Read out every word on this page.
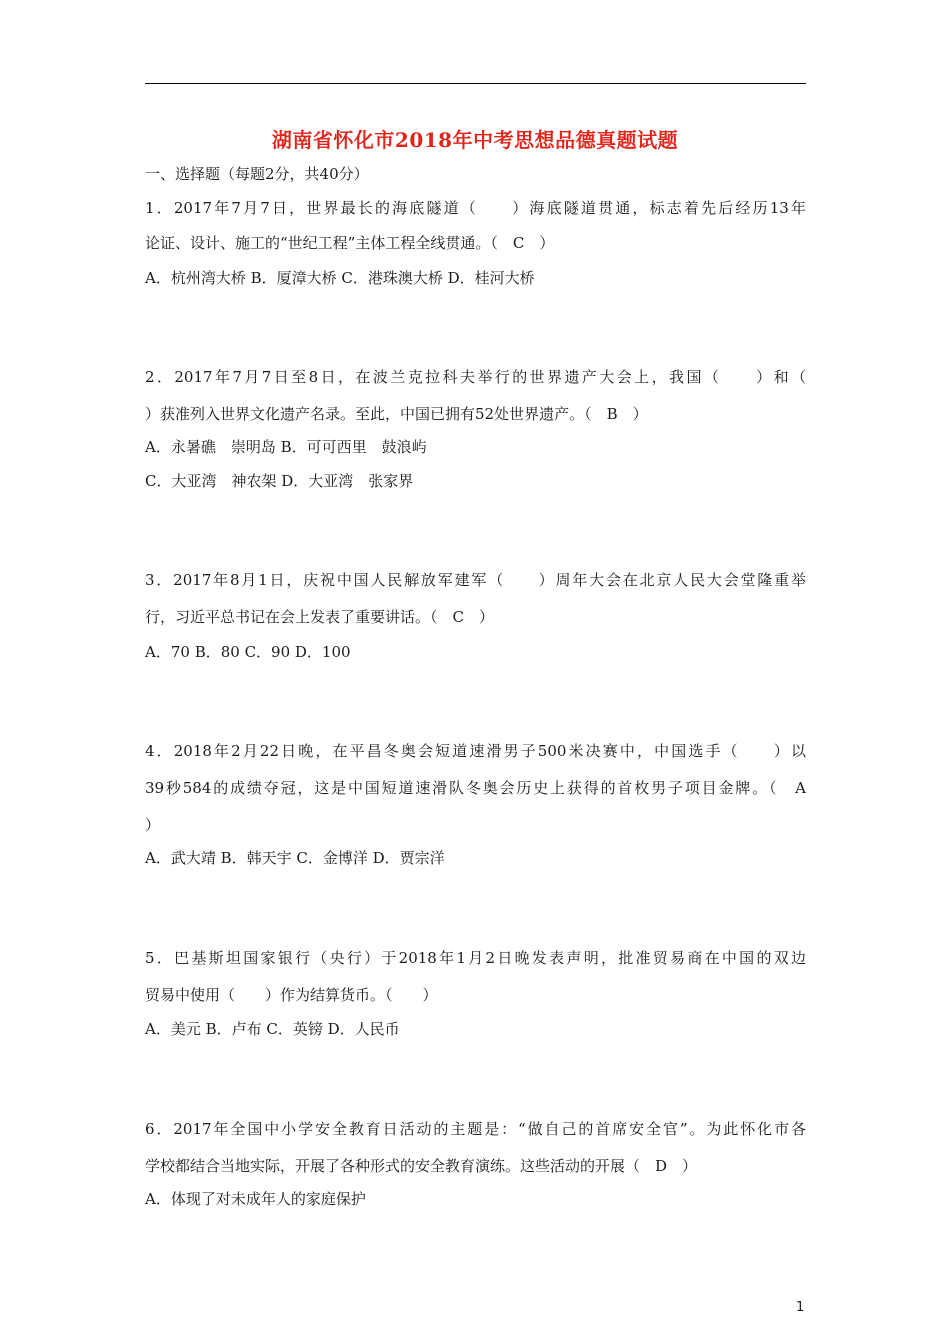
湖南省怀化市2018年中考思想品德真题试题
一、选择题（每题2分，共40分）
1．2017年7月7日，世界最长的海底隧道（　　）海底隧道贯通，标志着先后经历13年
论证、设计、施工的“世纪工程”主体工程全线贯通。（　C　）
A．杭州湾大桥 B．厦漳大桥 C．港珠澳大桥 D．桂河大桥
2．2017年7月7日至8日，在波兰克拉科夫举行的世界遗产大会上，我国（　　）和（
）获准列入世界文化遗产名录。至此，中国已拥有52处世界遗产。（　B　）
A．永暑礁　崇明岛 B．可可西里　鼓浪屿
C．大亚湾　神农架 D．大亚湾　张家界
3．2017年8月1日，庆祝中国人民解放军建军（　　）周年大会在北京人民大会堂隆重举
行，习近平总书记在会上发表了重要讲话。（　C　）
A．70 B．80 C．90 D．100
4．2018年2月22日晚，在平昌冬奥会短道速滑男子500米决赛中，中国选手（　　）以
39秒584的成绩夺冠，这是中国短道速滑队冬奥会历史上获得的首枚男子项目金牌。（　A
）
A．武大靖 B．韩天宇 C．金博洋 D．贾宗洋
5．巴基斯坦国家银行（央行）于2018年1月2日晚发表声明，批准贸易商在中国的双边
贸易中使用（　　）作为结算货币。（　　）
A．美元 B．卢布 C．英镑 D．人民币
6．2017年全国中小学安全教育日活动的主题是：“做自己的首席安全官”。为此怀化市各
学校都结合当地实际，开展了各种形式的安全教育演练。这些活动的开展（　D　）
A．体现了对未成年人的家庭保护
1
